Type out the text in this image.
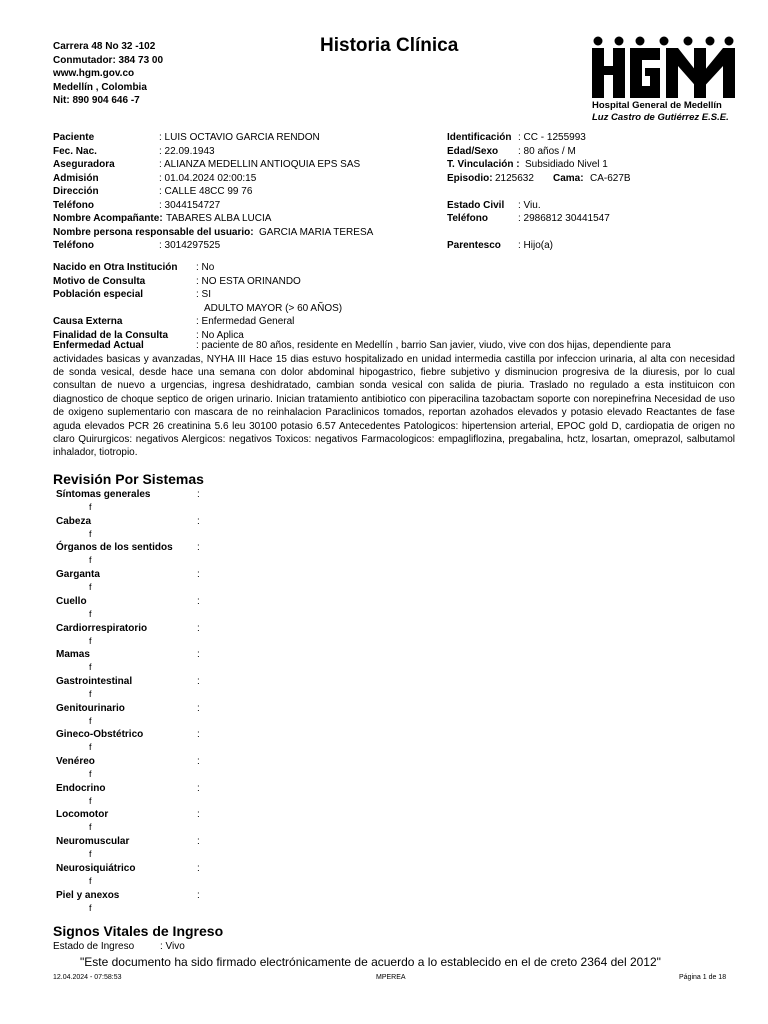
Carrera 48 No 32 -102
Conmutador: 384 73 00
www.hgm.gov.co
Medellín , Colombia
Nit: 890 904 646 -7
Historia Clínica
Hospital General de Medellín
Luz Castro de Gutiérrez E.S.E.
Paciente	: LUIS OCTAVIO GARCIA RENDON
Fec. Nac.	: 22.09.1943
Aseguradora	: ALIANZA MEDELLIN ANTIOQUIA EPS SAS
Admisión	: 01.04.2024 02:00:15
Dirección	: CALLE 48CC 99 76
Teléfono	: 3044154727
Nombre Acompañante: TABARES ALBA LUCIA
Nombre persona responsable del usuario: GARCIA MARIA TERESA
Teléfono	: 3014297525
Identificación : CC - 1255993
Edad/Sexo : 80 años / M
T. Vinculación : Subsidiado Nivel 1
Episodio: 2125632 Cama: CA-627B
Estado Civil : Viu.
Teléfono	: 2986812 30441547
Parentesco : Hijo(a)
Nacido en Otra Institución : No
Motivo de Consulta	: NO ESTA ORINANDO
Población especial	: SI
ADULTO MAYOR (> 60 AÑOS)
Causa Externa	: Enfermedad General
Finalidad de la Consulta	: No Aplica
Enfermedad Actual	: paciente de 80 años, residente en Medellín , barrio San javier, viudo, vive con dos hijas, dependiente para
actividades basicas y avanzadas, NYHA III Hace 15 dias estuvo hospitalizado en unidad intermedia castilla por infeccion urinaria, al alta con necesidad de sonda vesical, desde hace una semana con dolor abdominal hipogastrico, fiebre subjetivo y disminucion progresiva de la diuresis, por lo cual consultan de nuevo a urgencias, ingresa deshidratado, cambian sonda vesical con salida de piuria. Traslado no regulado a esta instituicon con diagnostico de choque septico de origen urinario. Inician tratamiento antibiotico con piperacilina tazobactam soporte con norepinefrina Necesidad de uso de oxigeno suplementario con mascara de no reinhalacion Paraclinicos tomados, reportan azohados elevados y potasio elevado Reactantes de fase aguda elevados PCR 26 creatinina 5.6 leu 30100 potasio 6.57 Antecedentes Patologicos: hipertension arterial, EPOC gold D, cardiopatia de origen no claro Quirurgicos: negativos Alergicos: negativos Toxicos: negativos Farmacologicos: empagliflozina, pregabalina, hctz, losartan, omeprazol, salbutamol inhalador, tiotropio.
Revisión Por Sistemas
Síntomas generales	:
f
Cabeza	:
f
Órganos de los sentidos :
f
Garganta	:
f
Cuello	:
f
Cardiorrespiratorio	:
f
Mamas	:
f
Gastrointestinal	:
f
Genitourinario	:
f
Gineco-Obstétrico	:
f
Venéreo	:
f
Endocrino	:
f
Locomotor	:
f
Neuromuscular	:
f
Neurosiquiátrico	:
f
Piel y anexos	:
f
Signos Vitales de Ingreso
Estado de Ingreso	: Vivo
"Este documento ha sido firmado electrónicamente de acuerdo a lo establecido en el de creto 2364 del 2012"
12.04.2024 - 07:58:53	MPEREA	Página 1 de 18
